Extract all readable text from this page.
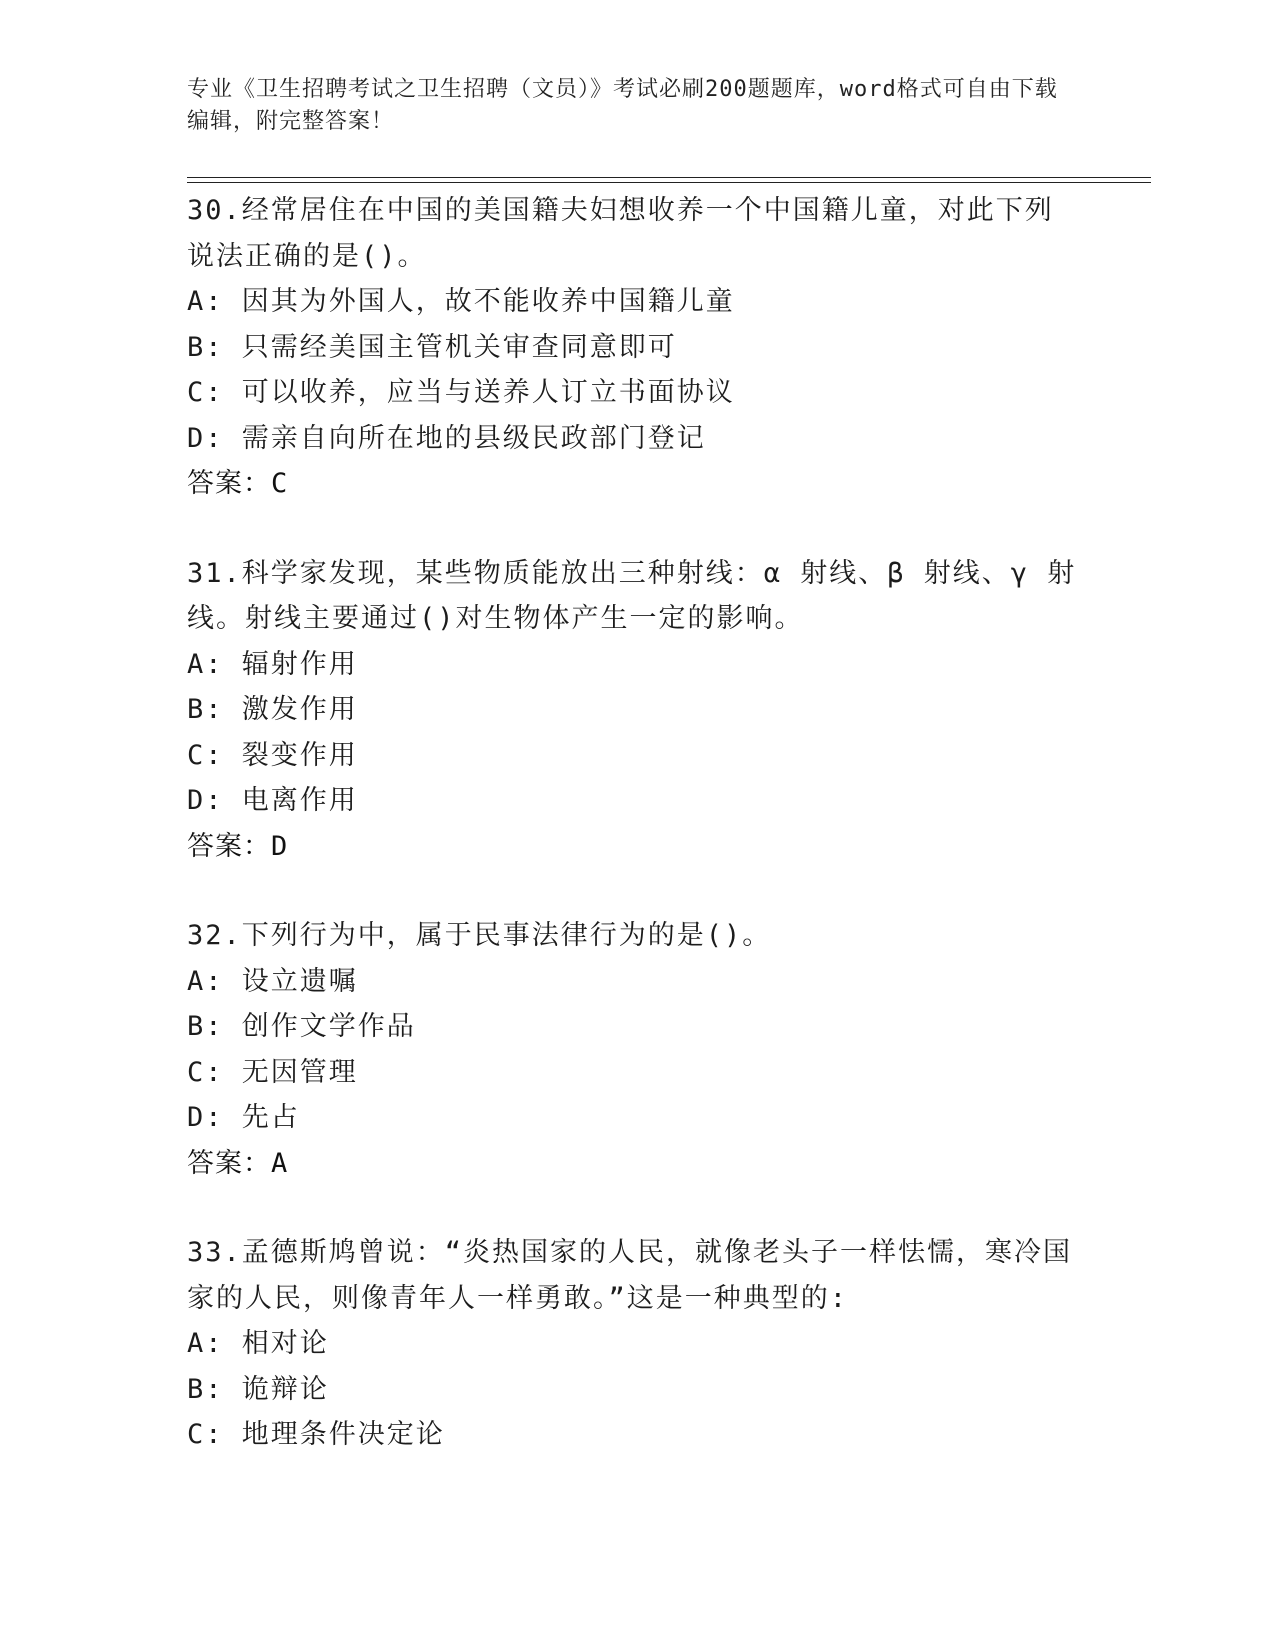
专业《卫生招聘考试之卫生招聘（文员）》考试必刷200题题库，word格式可自由下载编辑，附完整答案！
30.经常居住在中国的美国籍夫妇想收养一个中国籍儿童，对此下列说法正确的是()。
A: 因其为外国人，故不能收养中国籍儿童
B: 只需经美国主管机关审查同意即可
C: 可以收养，应当与送养人订立书面协议
D: 需亲自向所在地的县级民政部门登记
答案：C
31.科学家发现，某些物质能放出三种射线：α 射线、β 射线、γ 射线。射线主要通过()对生物体产生一定的影响。
A: 辐射作用
B: 激发作用
C: 裂变作用
D: 电离作用
答案：D
32.下列行为中，属于民事法律行为的是()。
A: 设立遗嘱
B: 创作文学作品
C: 无因管理
D: 先占
答案：A
33.孟德斯鸠曾说：“炎热国家的人民，就像老头子一样怯懦，寒冷国家的人民，则像青年人一样勇敢。”这是一种典型的:
A: 相对论
B: 诡辩论
C: 地理条件决定论
